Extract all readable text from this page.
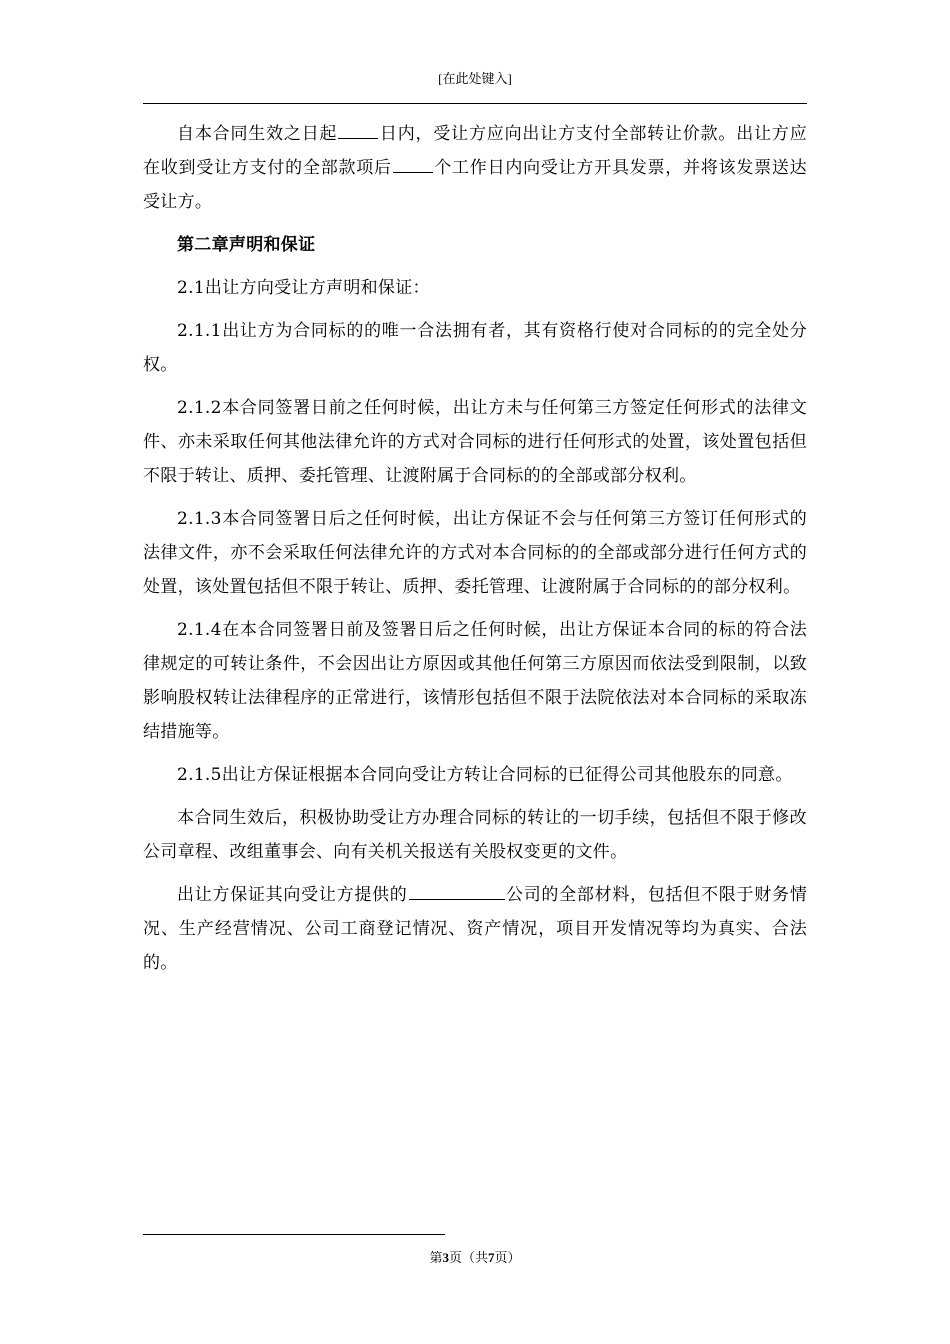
[在此处键入]

自本合同生效之日起 日内，受让方应向出让方支付全部转让价款。出让方应在收到受让方支付的全部款项后 个工作日内向受让方开具发票，并将该发票送达受让方。

第二章声明和保证

2.1出让方向受让方声明和保证：

2.1.1出让方为合同标的的唯一合法拥有者，其有资格行使对合同标的的完全处分权。

2.1.2本合同签署日前之任何时候，出让方未与任何第三方签定任何形式的法律文件、亦未采取任何其他法律允许的方式对合同标的进行任何形式的处置，该处置包括但不限于转让、质押、委托管理、让渡附属于合同标的的全部或部分权利。

2.1.3本合同签署日后之任何时候，出让方保证不会与任何第三方签订任何形式的法律文件，亦不会采取任何法律允许的方式对本合同标的的全部或部分进行任何方式的处置，该处置包括但不限于转让、质押、委托管理、让渡附属于合同标的的部分权利。

2.1.4在本合同签署日前及签署日后之任何时候，出让方保证本合同的标的符合法律规定的可转让条件，不会因出让方原因或其他任何第三方原因而依法受到限制，以致影响股权转让法律程序的正常进行，该情形包括但不限于法院依法对本合同标的采取冻结措施等。

2.1.5出让方保证根据本合同向受让方转让合同标的已征得公司其他股东的同意。

本合同生效后，积极协助受让方办理合同标的转让的一切手续，包括但不限于修改公司章程、改组董事会、向有关机关报送有关股权变更的文件。

出让方保证其向受让方提供的	公司的全部材料，包括但不限于财务情况、生产经营情况、公司工商登记情况、资产情况，项目开发情况等均为真实、合法的。

第3页（共7页）
